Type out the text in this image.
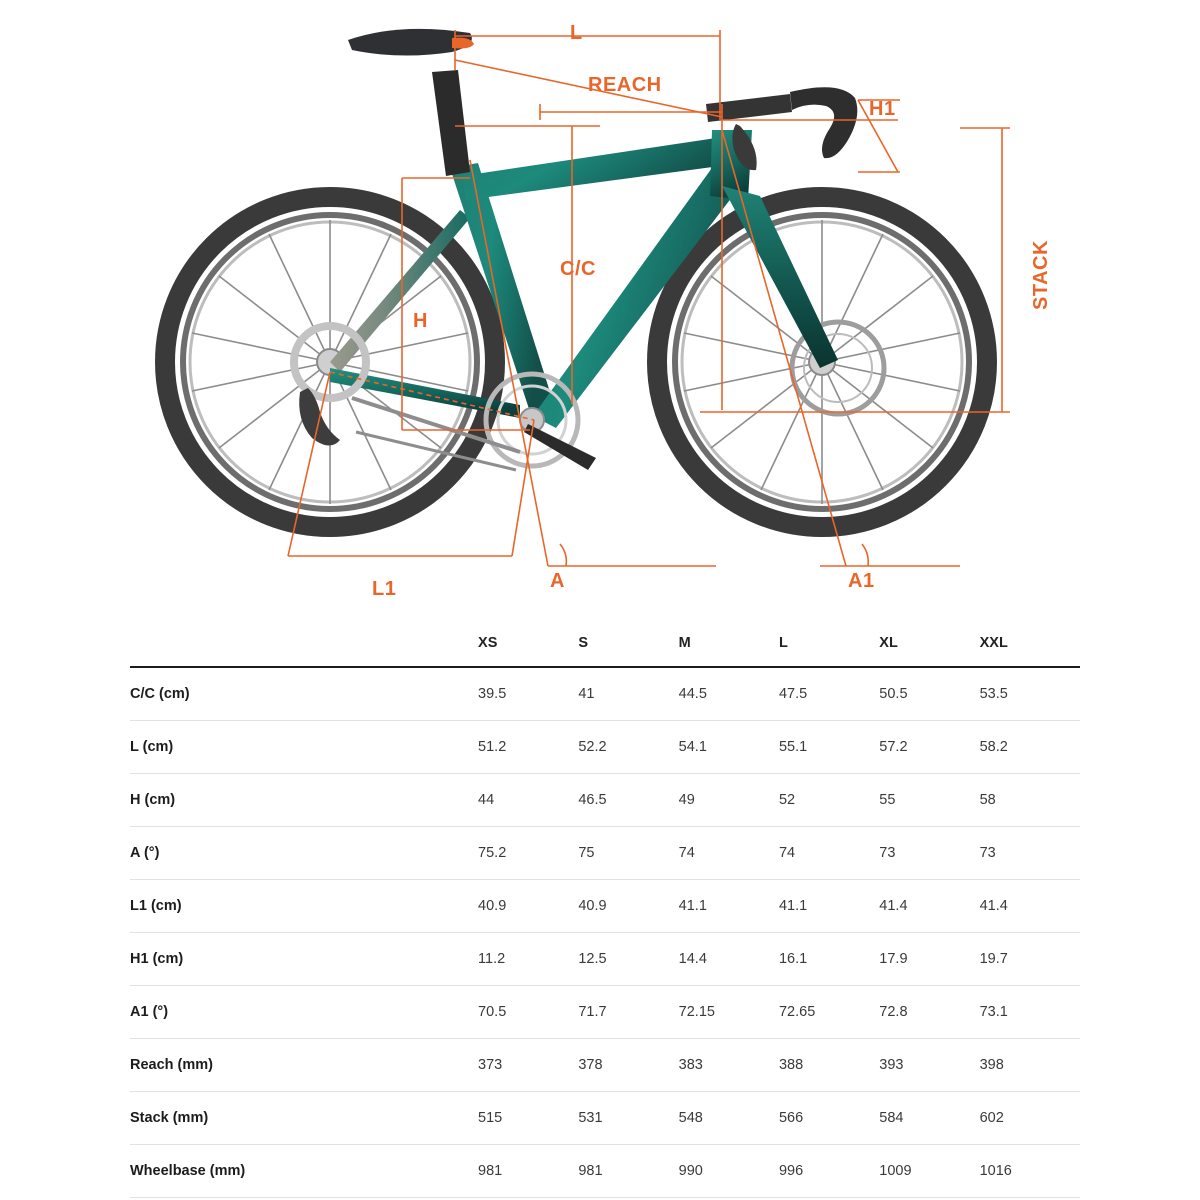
L
REACH
H1
STACK
C/C
H
L1	A	A1
	XS	S	M	L	XL	XXL
C/C (cm)	39.5	41	44.5	47.5	50.5	53.5
L (cm)	51.2	52.2	54.1	55.1	57.2	58.2
H (cm)	44	46.5	49	52	55	58
A (°)	75.2	75	74	74	73	73
L1 (cm)	40.9	40.9	41.1	41.1	41.4	41.4
H1 (cm)	11.2	12.5	14.4	16.1	17.9	19.7
A1 (°)	70.5	71.7	72.15	72.65	72.8	73.1
Reach (mm)	373	378	383	388	393	398
Stack (mm)	515	531	548	566	584	602
Wheelbase (mm)	981	981	990	996	1009	1016
